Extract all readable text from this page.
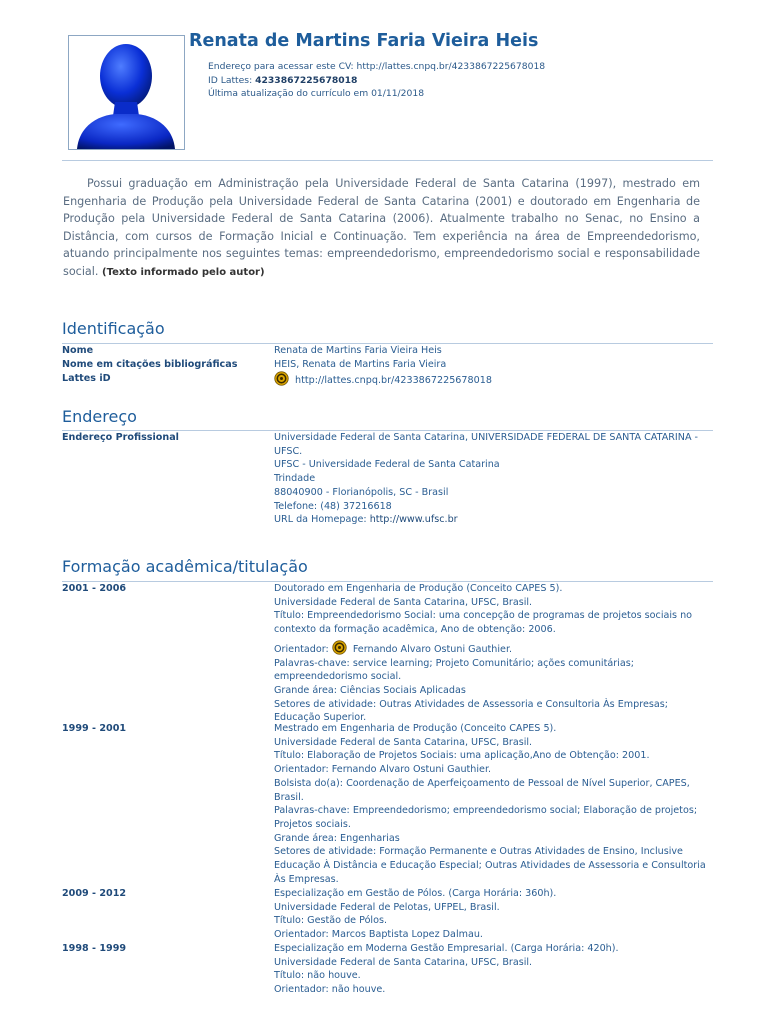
Renata de Martins Faria Vieira Heis
Endereço para acessar este CV: http://lattes.cnpq.br/4233867225678018
ID Lattes: 4233867225678018
Última atualização do currículo em 01/11/2018
Possui graduação em Administração pela Universidade Federal de Santa Catarina (1997), mestrado em Engenharia de Produção pela Universidade Federal de Santa Catarina (2001) e doutorado em Engenharia de Produção pela Universidade Federal de Santa Catarina (2006). Atualmente trabalho no Senac, no Ensino a Distância, com cursos de Formação Inicial e Continuação. Tem experiência na área de Empreendedorismo, atuando principalmente nos seguintes temas: empreendedorismo, empreendedorismo social e responsabilidade social. (Texto informado pelo autor)
Identificação
Nome	Renata de Martins Faria Vieira Heis
Nome em citações bibliográficas	HEIS, Renata de Martins Faria Vieira
Lattes iD	http://lattes.cnpq.br/4233867225678018
Endereço
Endereço Profissional	Universidade Federal de Santa Catarina, UNIVERSIDADE FEDERAL DE SANTA CATARINA -
UFSC.
UFSC - Universidade Federal de Santa Catarina
Trindade
88040900 - Florianópolis, SC - Brasil
Telefone: (48) 37216618
URL da Homepage: http://www.ufsc.br
Formação acadêmica/titulação
2001 - 2006	Doutorado em Engenharia de Produção (Conceito CAPES 5).
Universidade Federal de Santa Catarina, UFSC, Brasil.
Título: Empreendedorismo Social: uma concepção de programas de projetos sociais no
contexto da formação acadêmica, Ano de obtenção: 2006.
Orientador: Fernando Alvaro Ostuni Gauthier.
Palavras-chave: service learning; Projeto Comunitário; ações comunitárias;
empreendedorismo social.
Grande área: Ciências Sociais Aplicadas
Setores de atividade: Outras Atividades de Assessoria e Consultoria Às Empresas;
Educação Superior.
1999 - 2001	Mestrado em Engenharia de Produção (Conceito CAPES 5).
Universidade Federal de Santa Catarina, UFSC, Brasil.
Título: Elaboração de Projetos Sociais: uma aplicação,Ano de Obtenção: 2001.
Orientador: Fernando Alvaro Ostuni Gauthier.
Bolsista do(a): Coordenação de Aperfeiçoamento de Pessoal de Nível Superior, CAPES,
Brasil.
Palavras-chave: Empreendedorismo; empreendedorismo social; Elaboração de projetos;
Projetos sociais.
Grande área: Engenharias
Setores de atividade: Formação Permanente e Outras Atividades de Ensino, Inclusive
Educação À Distância e Educação Especial; Outras Atividades de Assessoria e Consultoria
Às Empresas.
2009 - 2012	Especialização em Gestão de Pólos. (Carga Horária: 360h).
Universidade Federal de Pelotas, UFPEL, Brasil.
Título: Gestão de Pólos.
Orientador: Marcos Baptista Lopez Dalmau.
1998 - 1999	Especialização em Moderna Gestão Empresarial. (Carga Horária: 420h).
Universidade Federal de Santa Catarina, UFSC, Brasil.
Título: não houve.
Orientador: não houve.
